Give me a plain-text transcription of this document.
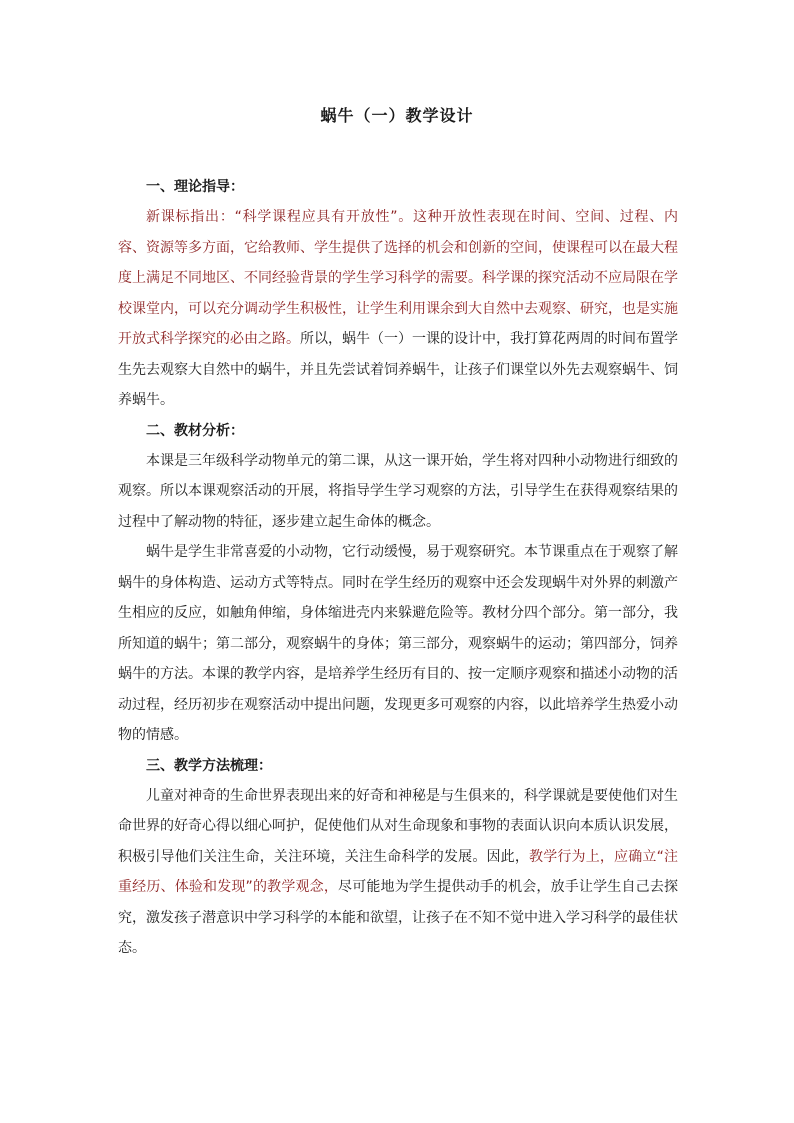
蜗牛（一）教学设计

一、理论指导：

新课标指出：“科学课程应具有开放性”。这种开放性表现在时间、空间、过程、内容、资源等多方面，它给教师、学生提供了选择的机会和创新的空间，使课程可以在最大程度上满足不同地区、不同经验背景的学生学习科学的需要。科学课的探究活动不应局限在学校课堂内，可以充分调动学生积极性，让学生利用课余到大自然中去观察、研究，也是实施开放式科学探究的必由之路。所以，蜗牛（一）一课的设计中，我打算花两周的时间布置学生先去观察大自然中的蜗牛，并且先尝试着饲养蜗牛，让孩子们课堂以外先去观察蜗牛、饲养蜗牛。

二、教材分析：

本课是三年级科学动物单元的第二课，从这一课开始，学生将对四种小动物进行细致的观察。所以本课观察活动的开展，将指导学生学习观察的方法，引导学生在获得观察结果的过程中了解动物的特征，逐步建立起生命体的概念。

蜗牛是学生非常喜爱的小动物，它行动缓慢，易于观察研究。本节课重点在于观察了解蜗牛的身体构造、运动方式等特点。同时在学生经历的观察中还会发现蜗牛对外界的刺激产生相应的反应，如触角伸缩，身体缩进壳内来躲避危险等。教材分四个部分。第一部分，我所知道的蜗牛；第二部分，观察蜗牛的身体；第三部分，观察蜗牛的运动；第四部分，饲养蜗牛的方法。本课的教学内容，是培养学生经历有目的、按一定顺序观察和描述小动物的活动过程，经历初步在观察活动中提出问题，发现更多可观察的内容，以此培养学生热爱小动物的情感。

三、教学方法梳理：

儿童对神奇的生命世界表现出来的好奇和神秘是与生俱来的，科学课就是要使他们对生命世界的好奇心得以细心呵护，促使他们从对生命现象和事物的表面认识向本质认识发展，积极引导他们关注生命，关注环境，关注生命科学的发展。因此，教学行为上，应确立“注重经历、体验和发现”的教学观念，尽可能地为学生提供动手的机会，放手让学生自己去探究，激发孩子潜意识中学习科学的本能和欲望，让孩子在不知不觉中进入学习科学的最佳状态。
